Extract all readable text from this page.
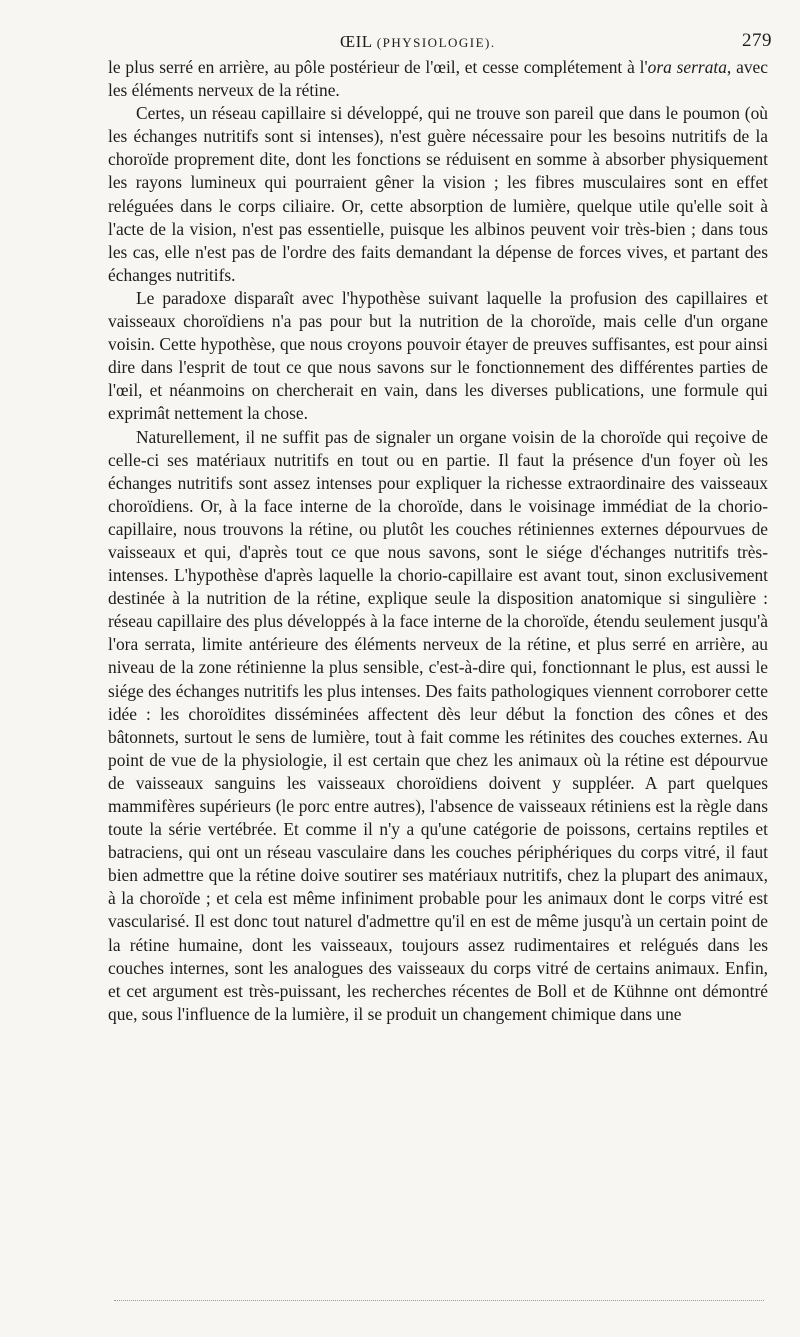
ŒIL (PHYSIOLOGIE).	279

le plus serré en arrière, au pôle postérieur de l'œil, et cesse complétement à l'ora serrata, avec les éléments nerveux de la rétine.

Certes, un réseau capillaire si développé, qui ne trouve son pareil que dans le poumon (où les échanges nutritifs sont si intenses), n'est guère nécessaire pour les besoins nutritifs de la choroïde proprement dite, dont les fonctions se réduisent en somme à absorber physiquement les rayons lumineux qui pourraient gêner la vision ; les fibres musculaires sont en effet reléguées dans le corps ciliaire. Or, cette absorption de lumière, quelque utile qu'elle soit à l'acte de la vision, n'est pas essentielle, puisque les albinos peuvent voir très-bien ; dans tous les cas, elle n'est pas de l'ordre des faits demandant la dépense de forces vives, et partant des échanges nutritifs.

Le paradoxe disparaît avec l'hypothèse suivant laquelle la profusion des capillaires et vaisseaux choroïdiens n'a pas pour but la nutrition de la choroïde, mais celle d'un organe voisin. Cette hypothèse, que nous croyons pouvoir étayer de preuves suffisantes, est pour ainsi dire dans l'esprit de tout ce que nous savons sur le fonctionnement des différentes parties de l'œil, et néanmoins on chercherait en vain, dans les diverses publications, une formule qui exprimât nettement la chose.

Naturellement, il ne suffit pas de signaler un organe voisin de la choroïde qui reçoive de celle-ci ses matériaux nutritifs en tout ou en partie. Il faut la présence d'un foyer où les échanges nutritifs sont assez intenses pour expliquer la richesse extraordinaire des vaisseaux choroïdiens. Or, à la face interne de la choroïde, dans le voisinage immédiat de la chorio-capillaire, nous trouvons la rétine, ou plutôt les couches rétiniennes externes dépourvues de vaisseaux et qui, d'après tout ce que nous savons, sont le siége d'échanges nutritifs très-intenses. L'hypothèse d'après laquelle la chorio-capillaire est avant tout, sinon exclusivement destinée à la nutrition de la rétine, explique seule la disposition anatomique si singulière : réseau capillaire des plus développés à la face interne de la choroïde, étendu seulement jusqu'à l'ora serrata, limite antérieure des éléments nerveux de la rétine, et plus serré en arrière, au niveau de la zone rétinienne la plus sensible, c'est-à-dire qui, fonctionnant le plus, est aussi le siége des échanges nutritifs les plus intenses. Des faits pathologiques viennent corroborer cette idée : les choroïdites disséminées affectent dès leur début la fonction des cônes et des bâtonnets, surtout le sens de lumière, tout à fait comme les rétinites des couches externes. Au point de vue de la physiologie, il est certain que chez les animaux où la rétine est dépourvue de vaisseaux sanguins les vaisseaux choroïdiens doivent y suppléer. A part quelques mammifères supérieurs (le porc entre autres), l'absence de vaisseaux rétiniens est la règle dans toute la série vertébrée. Et comme il n'y a qu'une catégorie de poissons, certains reptiles et batraciens, qui ont un réseau vasculaire dans les couches périphériques du corps vitré, il faut bien admettre que la rétine doive soutirer ses matériaux nutritifs, chez la plupart des animaux, à la choroïde ; et cela est même infiniment probable pour les animaux dont le corps vitré est vascularisé. Il est donc tout naturel d'admettre qu'il en est de même jusqu'à un certain point de la rétine humaine, dont les vaisseaux, toujours assez rudimentaires et relégués dans les couches internes, sont les analogues des vaisseaux du corps vitré de certains animaux. Enfin, et cet argument est très-puissant, les recherches récentes de Boll et de Kühnne ont démontré que, sous l'influence de la lumière, il se produit un changement chimique dans une
